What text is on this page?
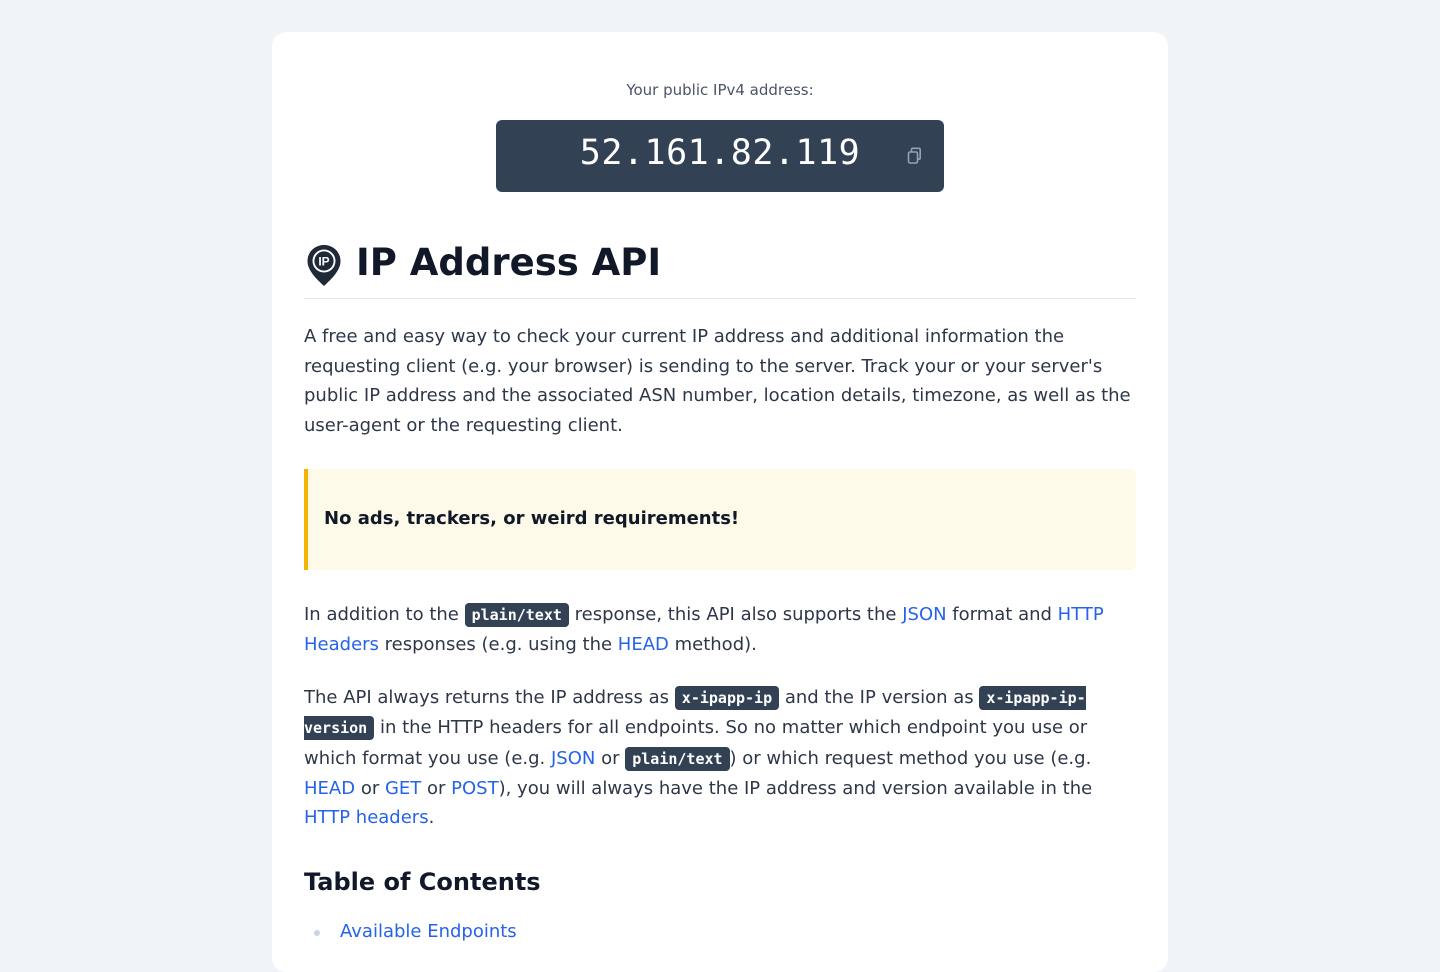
Your public IPv4 address:
52.161.82.119
IP IP Address API

A free and easy way to check your current IP address and additional information the requesting client (e.g. your browser) is sending to the server. Track your or your server's public IP address and the associated ASN number, location details, timezone, as well as the user-agent or the requesting client.

No ads, trackers, or weird requirements!

In addition to the plain/text response, this API also supports the JSON format and HTTP Headers responses (e.g. using the HEAD method).

The API always returns the IP address as x-ipapp-ip and the IP version as x-ipapp-ip-version in the HTTP headers for all endpoints. So no matter which endpoint you use or which format you use (e.g. JSON or plain/text ) or which request method you use (e.g. HEAD or GET or POST), you will always have the IP address and version available in the HTTP headers.

Table of Contents
Available Endpoints
